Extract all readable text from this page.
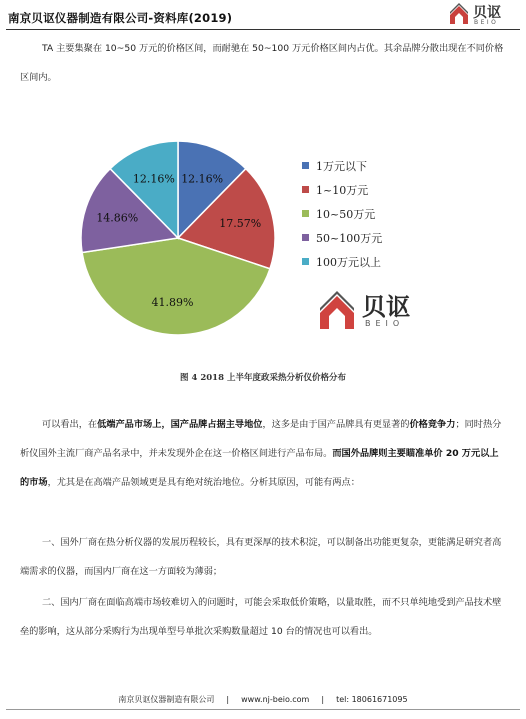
南京贝讴仪器制造有限公司-资料库(2019)	贝讴
BEIO
TA 主要集聚在 10~50 万元的价格区间，而耐驰在 50~100 万元价格区间内占优。其余品牌分散出现在不同价格区间内。
12.16%
17.57%
41.89%
14.86%
12.16%
1万元以下
1~10万元
10~50万元
50~100万元
100万元以上
贝讴
BEIO
图 4 2018 上半年度政采热分析仪价格分布
可以看出，在低端产品市场上，国产品牌占据主导地位，这多是由于国产品牌具有更显著的价格竞争力；同时热分析仪国外主流厂商产品名录中，并未发现外企在这一价格区间进行产品布局。而国外品牌则主要瞄准单价 20 万元以上的市场，尤其是在高端产品领域更是具有绝对统治地位。分析其原因，可能有两点：
一、国外厂商在热分析仪器的发展历程较长，具有更深厚的技术积淀，可以制备出功能更复杂，更能满足研究者高端需求的仪器，而国内厂商在这一方面较为薄弱；
二、国内厂商在面临高端市场较难切入的问题时，可能会采取低价策略，以量取胜，而不只单纯地受到产品技术壁垒的影响，这从部分采购行为出现单型号单批次采购数量超过 10 台的情况也可以看出。
南京贝讴仪器制造有限公司 | www.nj-beio.com | tel: 18061671095
